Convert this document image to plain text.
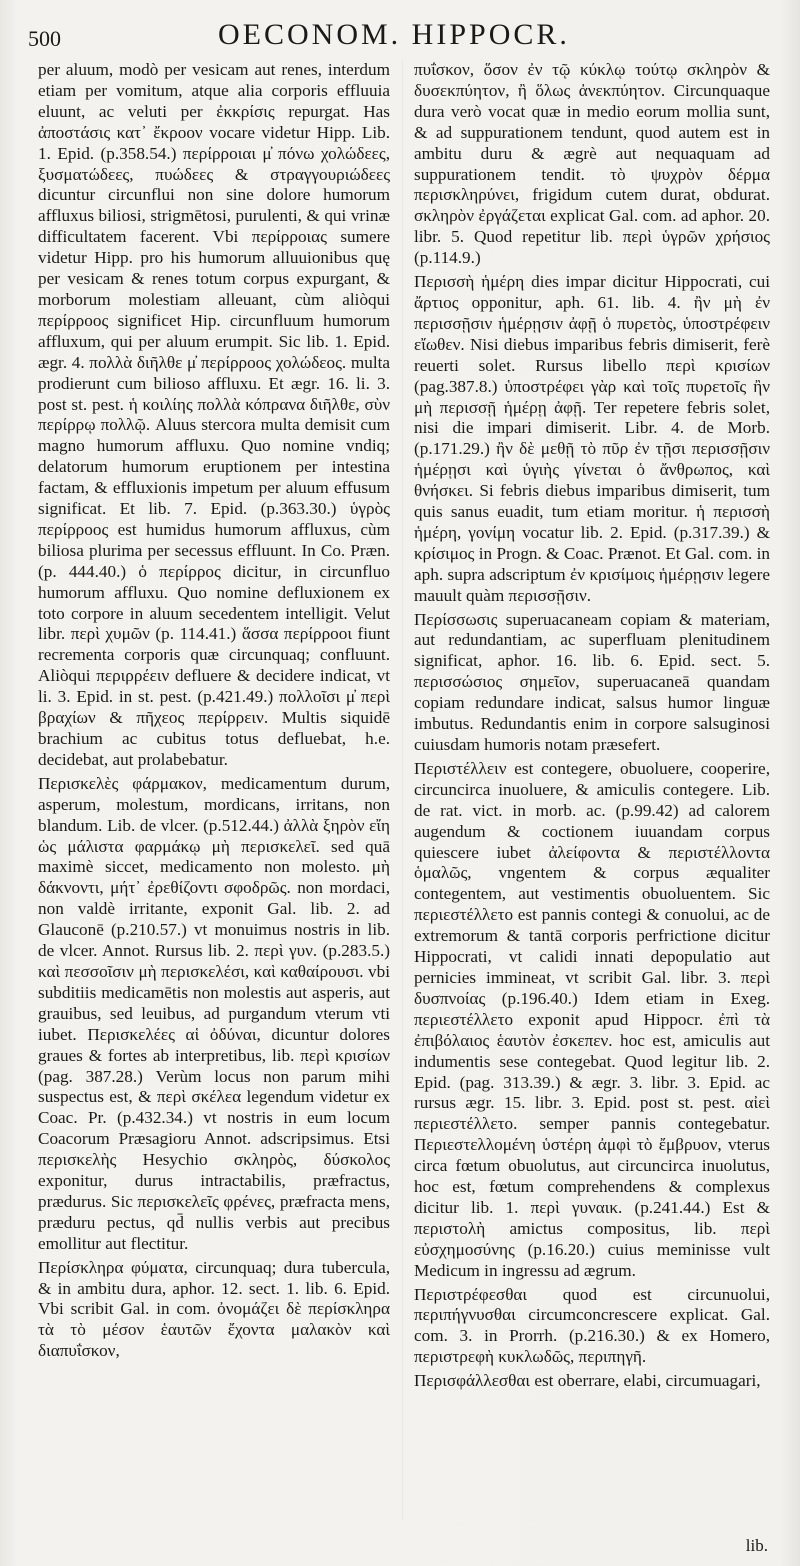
500	OECONOM. HIPPOCR.

per aluum, modò per vesicam aut renes, interdum etiam per vomitum, atque alia corporis effluuia eluunt, ac veluti per ἐκκρίσις repurgat. Has ἀποστάσις κατ᾽ ἔκροον vocare videtur Hipp. Lib. 1. Epid. (p.358.54.) περίρροιαι μ̓ πόνω χολώδεες, ξυσματώδεες, πυώδεες & στραγγουριώδεες dicuntur circunflui non sine dolore humorum affluxus biliosi, strigmētosi, purulenti, & qui vrinæ difficultatem facerent. Vbi περίρροιας sumere videtur Hipp. pro his humorum alluuionibus quę per vesicam & renes totum corpus expurgant, & morborum molestiam alleuant, cùm aliòqui περίρροος significet Hip. circunfluum humorum affluxum, qui per aluum erumpit. Sic lib. 1. Epid. ægr. 4. πολλὰ διῆλθε μ̓ περίρροος χολώδεος. multa prodierunt cum bilioso affluxu. Et ægr. 16. li. 3. post st. pest. ἡ κοιλίης πολλὰ κόπρανα διῆλθε, σὺν περίρρῳ πολλῷ. Aluus stercora multa demisit cum magno humorum affluxu. Quo nomine vndiq; delatorum humorum eruptionem per intestina factam, & effluxionis impetum per aluum effusum significat. Et lib. 7. Epid. (p.363.30.) ὑγρὸς περίρροος est humidus humorum affluxus, cùm biliosa plurima per secessus effluunt. In Co. Præn. (p. 444.40.) ὁ περίρρος dicitur, in circunfluo humorum affluxu. Quo nomine defluxionem ex toto corpore in aluum secedentem intelligit. Velut libr. περὶ χυμῶν (p. 114.41.) ἅσσα περίρροοι fiunt recrementa corporis quæ circunquaq; confluunt. Aliòqui περιρρέειν defluere & decidere indicat, vt li. 3. Epid. in st. pest. (p.421.49.) πολλοῖσι μ̓ περὶ βραχίων & πῆχεος περίρρειν. Multis siquidē brachium ac cubitus totus defluebat, h.e. decidebat, aut prolabebatur.

Περισκελὲς φάρμακον, medicamentum durum, asperum, molestum, mordicans, irritans, non blandum. Lib. de vlcer. (p.512.44.) ἀλλὰ ξηρὸν εἴη ὡς μάλιστα φαρμάκῳ μὴ περισκελεῖ. sed quā maximè siccet, medicamento non molesto. μὴ δάκνοντι, μήτ᾽ ἐρεθίζοντι σφοδρῶς. non mordaci, non valdè irritante, exponit Gal. lib. 2. ad Glauconē (p.210.57.) vt monuimus nostris in lib. de vlcer. Annot. Rursus lib. 2. περὶ γυν. (p.283.5.) καὶ πεσσοῖσιν μὴ περισκελέσι, καὶ καθαίρουσι. vbi subditiis medicamētis non molestis aut asperis, aut grauibus, sed leuibus, ad purgandum vterum vti iubet. Περισκελέες αἱ ὀδύναι, dicuntur dolores graues & fortes ab interpretibus, lib. περὶ κρισίων (pag. 387.28.) Verùm locus non parum mihi suspectus est, & περὶ σκέλεα legendum videtur ex Coac. Pr. (p.432.34.) vt nostris in eum locum Coacorum Præsagioru Annot. adscripsimus. Etsi περισκελὴς Hesychio σκληρὸς, δύσκολος exponitur, durus intractabilis, præfractus, prædurus. Sic περισκελεῖς φρένες, præfracta mens, præduru pectus, qd̄ nullis verbis aut precibus emollitur aut flectitur.

Περίσκληρα φύματα, circunquaq; dura tubercula, & in ambitu dura, aphor. 12. sect. 1. lib. 6. Epid. Vbi scribit Gal. in com. ὀνομάζει δὲ περίσκληρα τὰ τὸ μέσον ἑαυτῶν ἔχοντα μαλακὸν καὶ διαπυΐσκον,

πυΐσκον, ὅσον ἐν τῷ κύκλῳ τούτῳ σκληρὸν & δυσεκπύητον, ἢ ὅλως ἀνεκπύητον. Circunquaque dura verò vocat quæ in medio eorum mollia sunt, & ad suppurationem tendunt, quod autem est in ambitu duru & ægrè aut nequaquam ad suppurationem tendit. τὸ ψυχρὸν δέρμα περισκληρύνει, frigidum cutem durat, obdurat. σκληρὸν ἐργάζεται explicat Gal. com. ad aphor. 20. libr. 5. Quod repetitur lib. περὶ ὑγρῶν χρήσιος (p.114.9.)

Περισσὴ ἡμέρη dies impar dicitur Hippocrati, cui ἄρτιος opponitur, aph. 61. lib. 4. ἢν μὴ ἐν περισσῇσιν ἡμέρῃσιν ἀφῇ ὁ πυρετὸς, ὑποστρέφειν εἴωθεν. Nisi diebus imparibus febris dimiserit, ferè reuerti solet. Rursus libello περὶ κρισίων (pag.387.8.) ὑποστρέφει γὰρ καὶ τοῖς πυρετοῖς ἢν μὴ περισσῇ ἡμέρῃ ἀφῇ. Ter repetere febris solet, nisi die impari dimiserit. Libr. 4. de Morb. (p.171.29.) ἢν δὲ μεθῇ τὸ πῦρ ἐν τῇσι περισσῇσιν ἡμέρῃσι καὶ ὑγιὴς γίνεται ὁ ἄνθρωπος, καὶ θνήσκει. Si febris diebus imparibus dimiserit, tum quis sanus euadit, tum etiam moritur. ἡ περισσὴ ἡμέρη, γονίμη vocatur lib. 2. Epid. (p.317.39.) & κρίσιμος in Progn. & Coac. Prænot. Et Gal. com. in aph. supra adscriptum ἐν κρισίμοις ἡμέρῃσιν legere mauult quàm περισσῇσιν.

Περίσσωσις superuacaneam copiam & materiam, aut redundantiam, ac superfluam plenitudinem significat, aphor. 16. lib. 6. Epid. sect. 5. περισσώσιος σημεῖον, superuacaneā quandam copiam redundare indicat, salsus humor linguæ imbutus. Redundantis enim in corpore salsuginosi cuiusdam humoris notam præsefert.

Περιστέλλειν est contegere, obuoluere, cooperire, circuncirca inuoluere, & amiculis contegere. Lib. de rat. vict. in morb. ac. (p.99.42) ad calorem augendum & coctionem iuuandam corpus quiescere iubet ἀλείφοντα & περιστέλλοντα ὁμαλῶς, vngentem & corpus æqualiter contegentem, aut vestimentis obuoluentem. Sic περιεστέλλετο est pannis contegi & conuolui, ac de extremorum & tantā corporis perfrictione dicitur Hippocrati, vt calidi innati depopulatio aut pernicies immineat, vt scribit Gal. libr. 3. περὶ δυσπνοίας (p.196.40.) Idem etiam in Exeg. περιεστέλλετο exponit apud Hippocr. ἐπὶ τὰ ἐπιβόλαιος ἑαυτὸν ἐσκεπεν. hoc est, amiculis aut indumentis sese contegebat. Quod legitur lib. 2. Epid. (pag. 313.39.) & ægr. 3. libr. 3. Epid. ac rursus ægr. 15. libr. 3. Epid. post st. pest. αἰεὶ περιεστέλλετο. semper pannis contegebatur. Περιεστελλομένη ὑστέρη ἀμφὶ τὸ ἔμβρυον, vterus circa fœtum obuolutus, aut circuncirca inuolutus, hoc est, fœtum comprehendens & complexus dicitur lib. 1. περὶ γυναικ. (p.241.44.) Est & περιστολὴ amictus compositus, lib. περὶ εὐσχημοσύνης (p.16.20.) cuius meminisse vult Medicum in ingressu ad ægrum.

Περιστρέφεσθαι quod est circunuolui, περιπήγνυσθαι circumconcrescere explicat. Gal. com. 3. in Prorrh. (p.216.30.) & ex Homero, περιστρεφὴ κυκλωδῶς, περιπηγῆ.

Περισφάλλεσθαι est oberrare, elabi, circumuagari,

lib.
